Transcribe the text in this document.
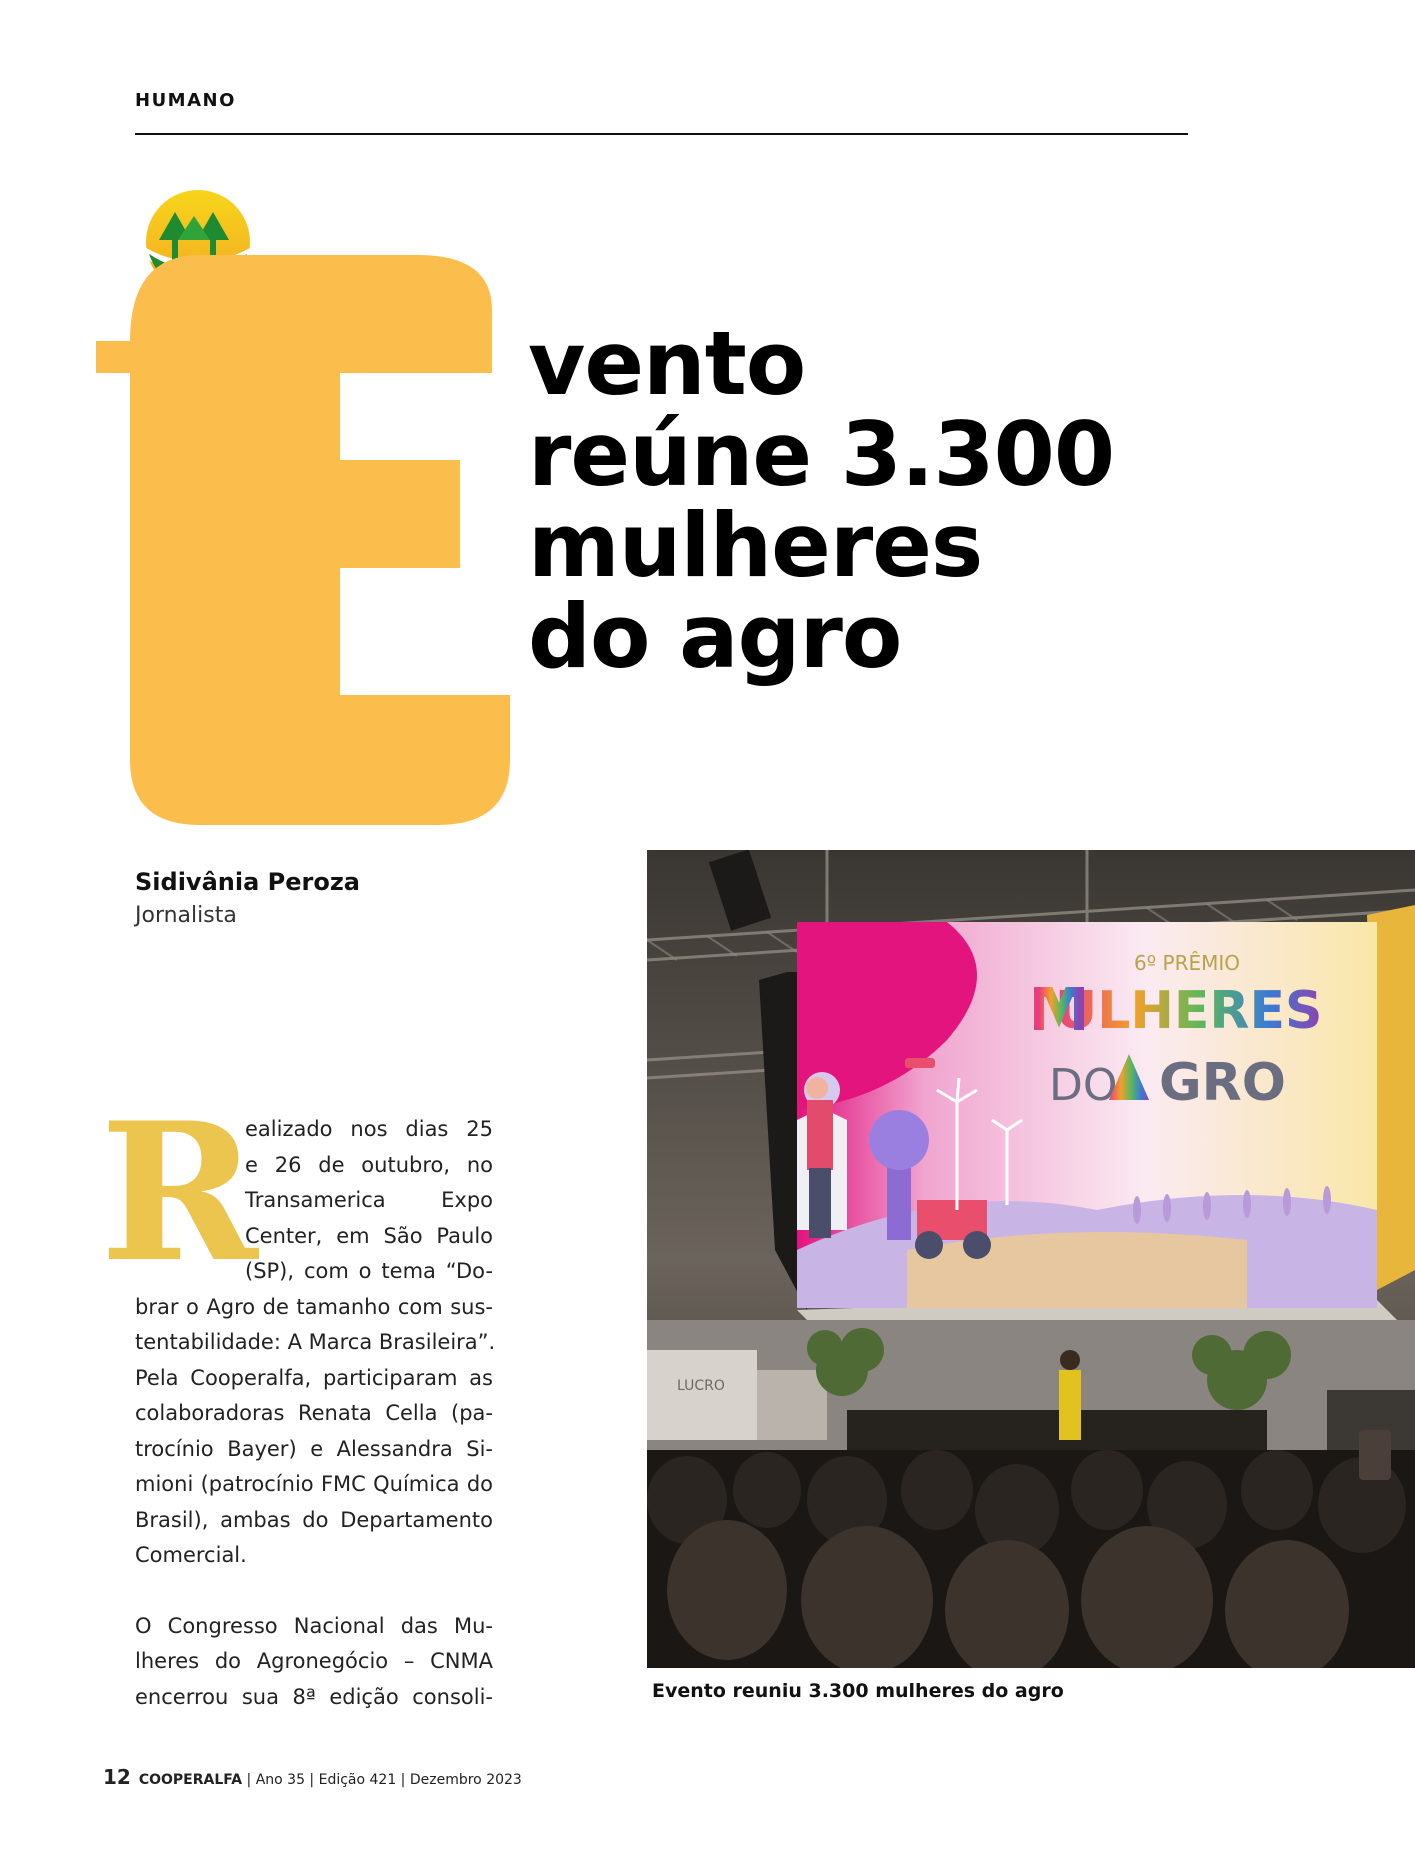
HUMANO
vento
reúne 3.300
mulheres
do agro
Sidivânia Peroza
Jornalista
R
ealizado nos dias 25
e 26 de outubro, no
Transamerica Expo
Center, em São Paulo
(SP), com o tema “Do-
brar o Agro de tamanho com sus-
tentabilidade: A Marca Brasileira”.
Pela Cooperalfa, participaram as
colaboradoras Renata Cella (pa-
trocínio Bayer) e Alessandra Si-
mioni (patrocínio FMC Química do
Brasil), ambas do Departamento
Comercial.
O Congresso Nacional das Mu-
lheres do Agronegócio – CNMA
encerrou sua 8ª edição consoli-
6º PRÊMIO
ULHERES
DO GRO
LUCRO
Evento reuniu 3.300 mulheres do agro
12 COOPERALFA | Ano 35 | Edição 421 | Dezembro 2023
